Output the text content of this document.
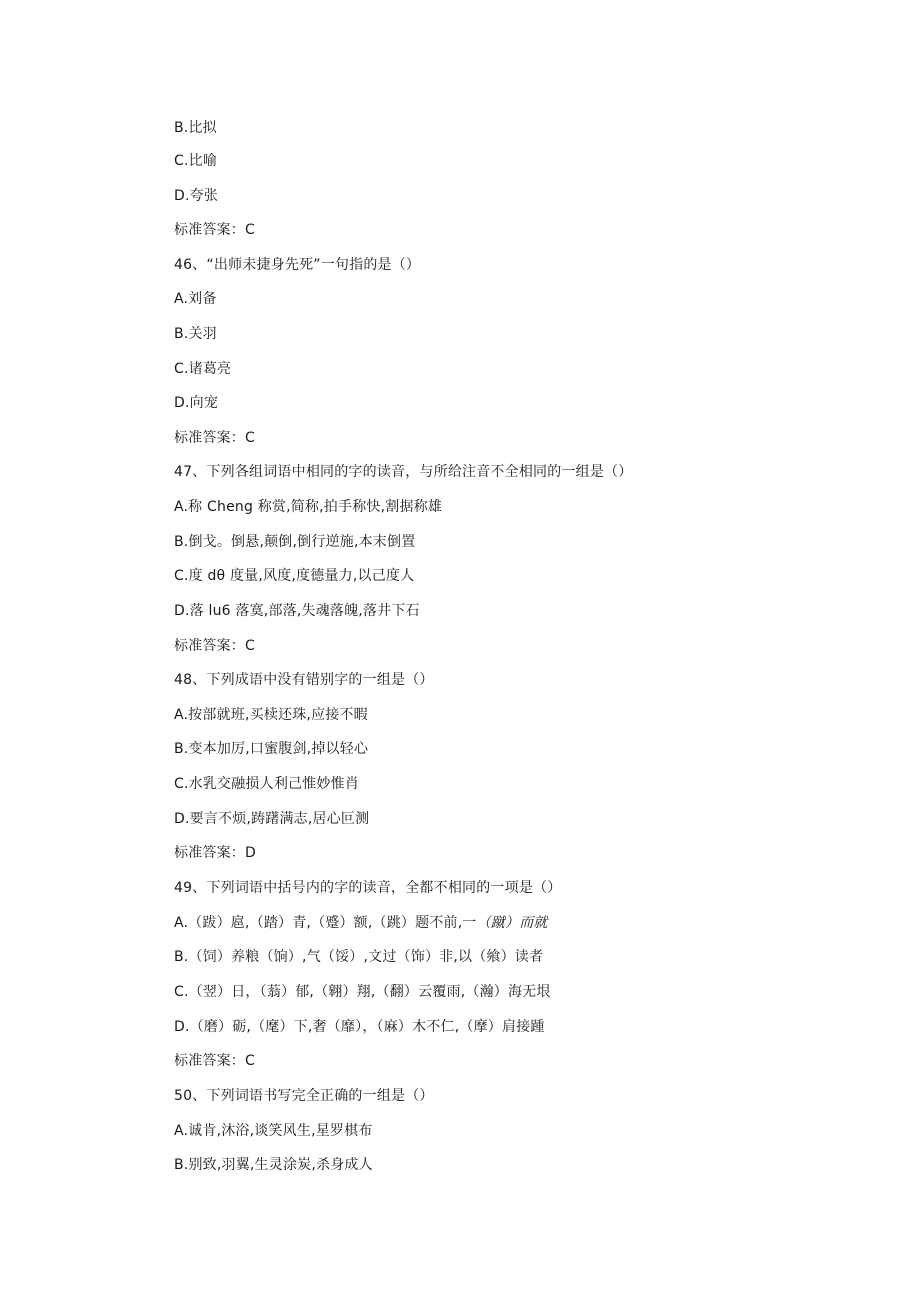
B.比拟
C.比喻
D.夸张
标准答案：C
46、“出师未捷身先死”一句指的是（）
A.刘备
B.关羽
C.诸葛亮
D.向宠
标准答案：C
47、下列各组词语中相同的字的读音，与所给注音不全相同的一组是（）
A.称 Cheng 称赏,简称,拍手称快,割据称雄
B.倒戈。倒悬,颠倒,倒行逆施,本末倒置
C.度 dθ 度量,风度,度德量力,以己度人
D.落 lu6 落寞,部落,失魂落魄,落井下石
标准答案：C
48、下列成语中没有错别字的一组是（）
A.按部就班,买椟还珠,应接不暇
B.变本加厉,口蜜腹剑,掉以轻心
C.水乳交融损人利己惟妙惟肖
D.要言不烦,踌躇满志,居心叵测
标准答案：D
49、下列词语中括号内的字的读音，全都不相同的一项是（）
A.（跋）扈,（踏）青,（蹙）额,（跳）题不前,一（蹴）而就
B.（饲）养粮（饷）,气（馁）,文过（饰）非,以（飨）读者
C.（翌）日，（蓊）郁,（翱）翔,（翻）云覆雨,（瀚）海无垠
D.（磨）砺,（麾）下,奢（靡），（麻）木不仁,（摩）肩接踵
标准答案：C
50、下列词语书写完全正确的一组是（）
A.诚肯,沐浴,谈笑风生,星罗棋布
B.别致,羽翼,生灵涂炭,杀身成人
